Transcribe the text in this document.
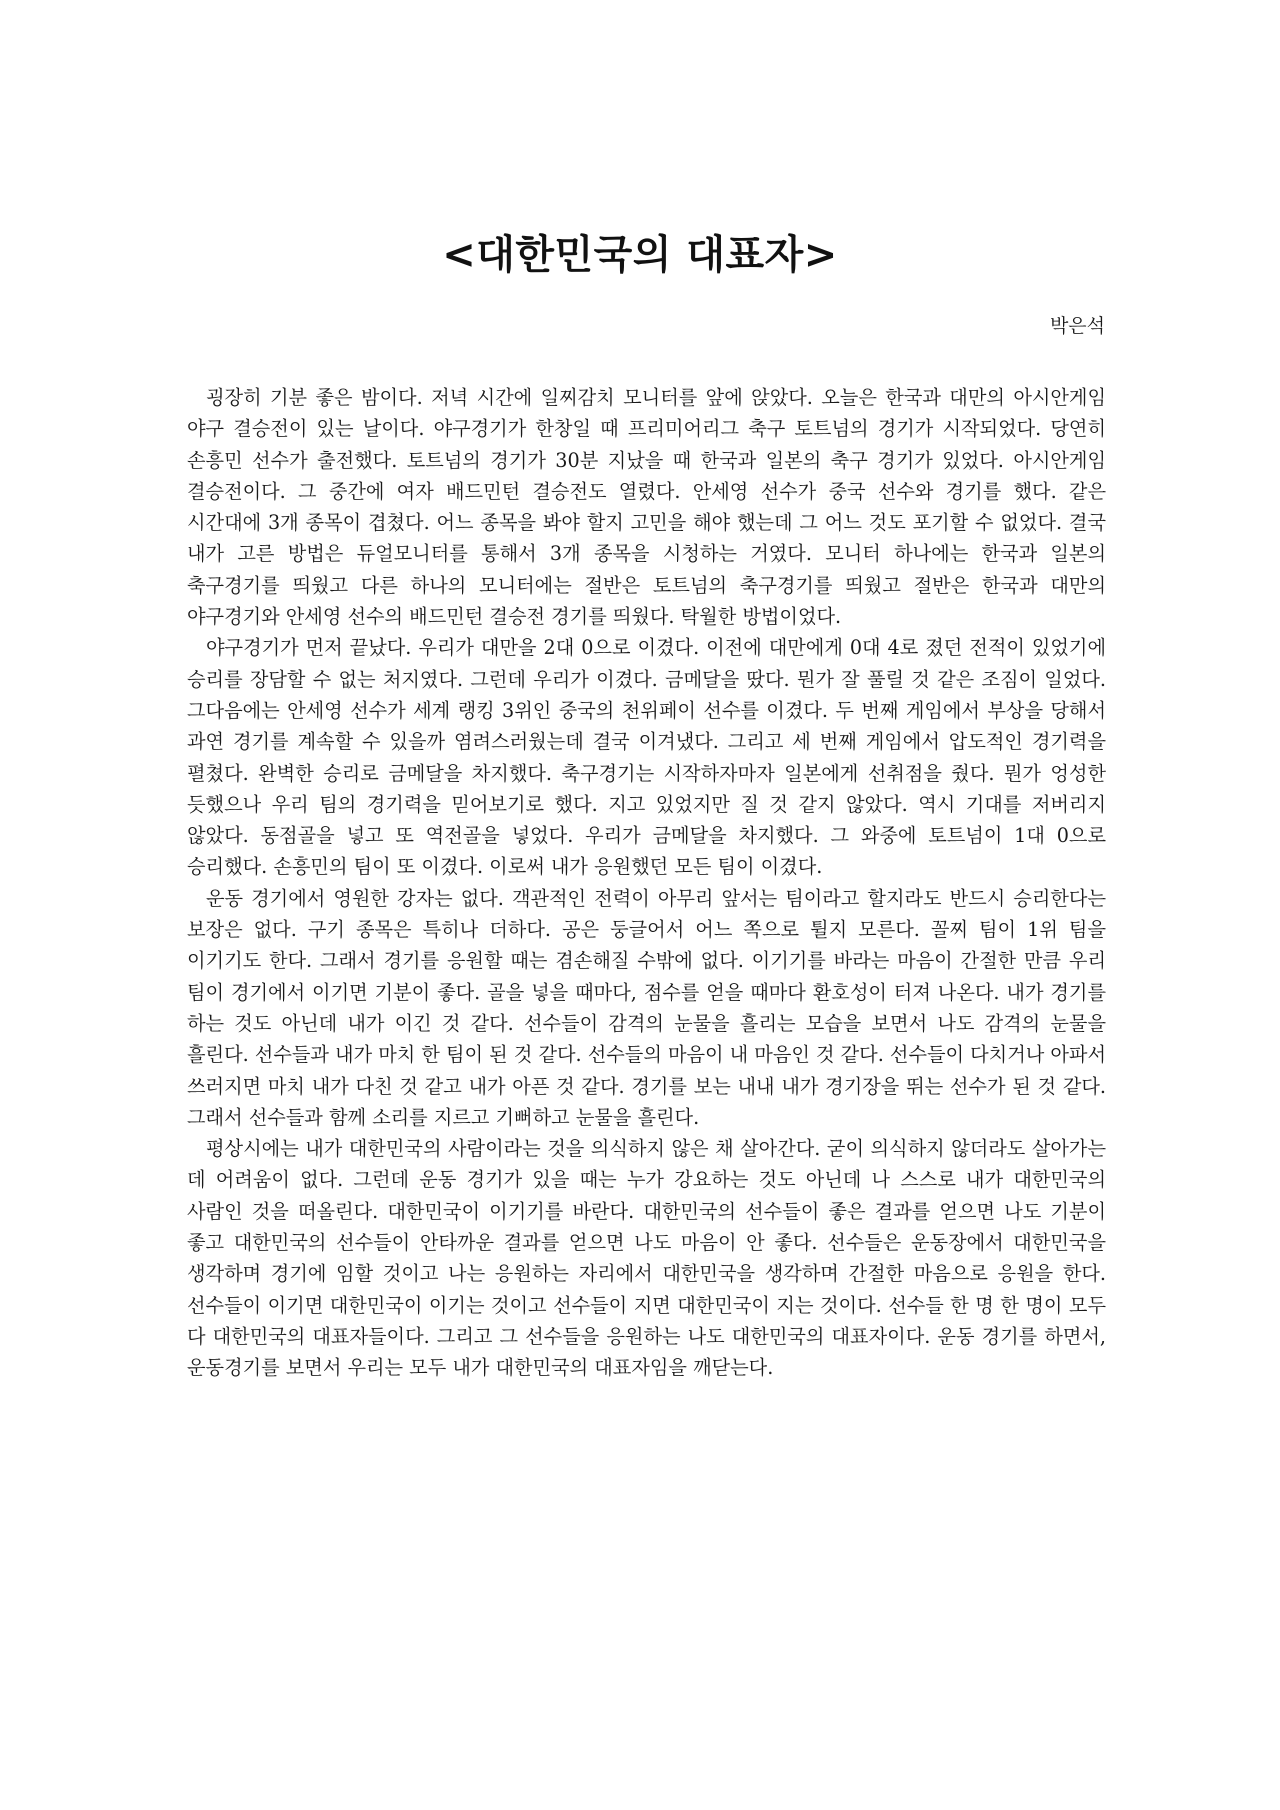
<대한민국의 대표자>
박은석

굉장히 기분 좋은 밤이다. 저녁 시간에 일찌감치 모니터를 앞에 앉았다. 오늘은 한국과 대만의 아시안게임 야구 결승전이 있는 날이다. 야구경기가 한창일 때 프리미어리그 축구 토트넘의 경기가 시작되었다. 당연히 손흥민 선수가 출전했다. 토트넘의 경기가 30분 지났을 때 한국과 일본의 축구 경기가 있었다. 아시안게임 결승전이다. 그 중간에 여자 배드민턴 결승전도 열렸다. 안세영 선수가 중국 선수와 경기를 했다. 같은 시간대에 3개 종목이 겹쳤다. 어느 종목을 봐야 할지 고민을 해야 했는데 그 어느 것도 포기할 수 없었다. 결국 내가 고른 방법은 듀얼모니터를 통해서 3개 종목을 시청하는 거였다. 모니터 하나에는 한국과 일본의 축구경기를 띄웠고 다른 하나의 모니터에는 절반은 토트넘의 축구경기를 띄웠고 절반은 한국과 대만의 야구경기와 안세영 선수의 배드민턴 결승전 경기를 띄웠다. 탁월한 방법이었다.

야구경기가 먼저 끝났다. 우리가 대만을 2대 0으로 이겼다. 이전에 대만에게 0대 4로 졌던 전적이 있었기에 승리를 장담할 수 없는 처지였다. 그런데 우리가 이겼다. 금메달을 땄다. 뭔가 잘 풀릴 것 같은 조짐이 일었다. 그다음에는 안세영 선수가 세계 랭킹 3위인 중국의 천위페이 선수를 이겼다. 두 번째 게임에서 부상을 당해서 과연 경기를 계속할 수 있을까 염려스러웠는데 결국 이겨냈다. 그리고 세 번째 게임에서 압도적인 경기력을 펼쳤다. 완벽한 승리로 금메달을 차지했다. 축구경기는 시작하자마자 일본에게 선취점을 줬다. 뭔가 엉성한 듯했으나 우리 팀의 경기력을 믿어보기로 했다. 지고 있었지만 질 것 같지 않았다. 역시 기대를 저버리지 않았다. 동점골을 넣고 또 역전골을 넣었다. 우리가 금메달을 차지했다. 그 와중에 토트넘이 1대 0으로 승리했다. 손흥민의 팀이 또 이겼다. 이로써 내가 응원했던 모든 팀이 이겼다.

운동 경기에서 영원한 강자는 없다. 객관적인 전력이 아무리 앞서는 팀이라고 할지라도 반드시 승리한다는 보장은 없다. 구기 종목은 특히나 더하다. 공은 둥글어서 어느 쪽으로 튈지 모른다. 꼴찌 팀이 1위 팀을 이기기도 한다. 그래서 경기를 응원할 때는 겸손해질 수밖에 없다. 이기기를 바라는 마음이 간절한 만큼 우리 팀이 경기에서 이기면 기분이 좋다. 골을 넣을 때마다, 점수를 얻을 때마다 환호성이 터져 나온다. 내가 경기를 하는 것도 아닌데 내가 이긴 것 같다. 선수들이 감격의 눈물을 흘리는 모습을 보면서 나도 감격의 눈물을 흘린다. 선수들과 내가 마치 한 팀이 된 것 같다. 선수들의 마음이 내 마음인 것 같다. 선수들이 다치거나 아파서 쓰러지면 마치 내가 다친 것 같고 내가 아픈 것 같다. 경기를 보는 내내 내가 경기장을 뛰는 선수가 된 것 같다. 그래서 선수들과 함께 소리를 지르고 기뻐하고 눈물을 흘린다.

평상시에는 내가 대한민국의 사람이라는 것을 의식하지 않은 채 살아간다. 굳이 의식하지 않더라도 살아가는 데 어려움이 없다. 그런데 운동 경기가 있을 때는 누가 강요하는 것도 아닌데 나 스스로 내가 대한민국의 사람인 것을 떠올린다. 대한민국이 이기기를 바란다. 대한민국의 선수들이 좋은 결과를 얻으면 나도 기분이 좋고 대한민국의 선수들이 안타까운 결과를 얻으면 나도 마음이 안 좋다. 선수들은 운동장에서 대한민국을 생각하며 경기에 임할 것이고 나는 응원하는 자리에서 대한민국을 생각하며 간절한 마음으로 응원을 한다. 선수들이 이기면 대한민국이 이기는 것이고 선수들이 지면 대한민국이 지는 것이다. 선수들 한 명 한 명이 모두 다 대한민국의 대표자들이다. 그리고 그 선수들을 응원하는 나도 대한민국의 대표자이다. 운동 경기를 하면서, 운동경기를 보면서 우리는 모두 내가 대한민국의 대표자임을 깨닫는다.
